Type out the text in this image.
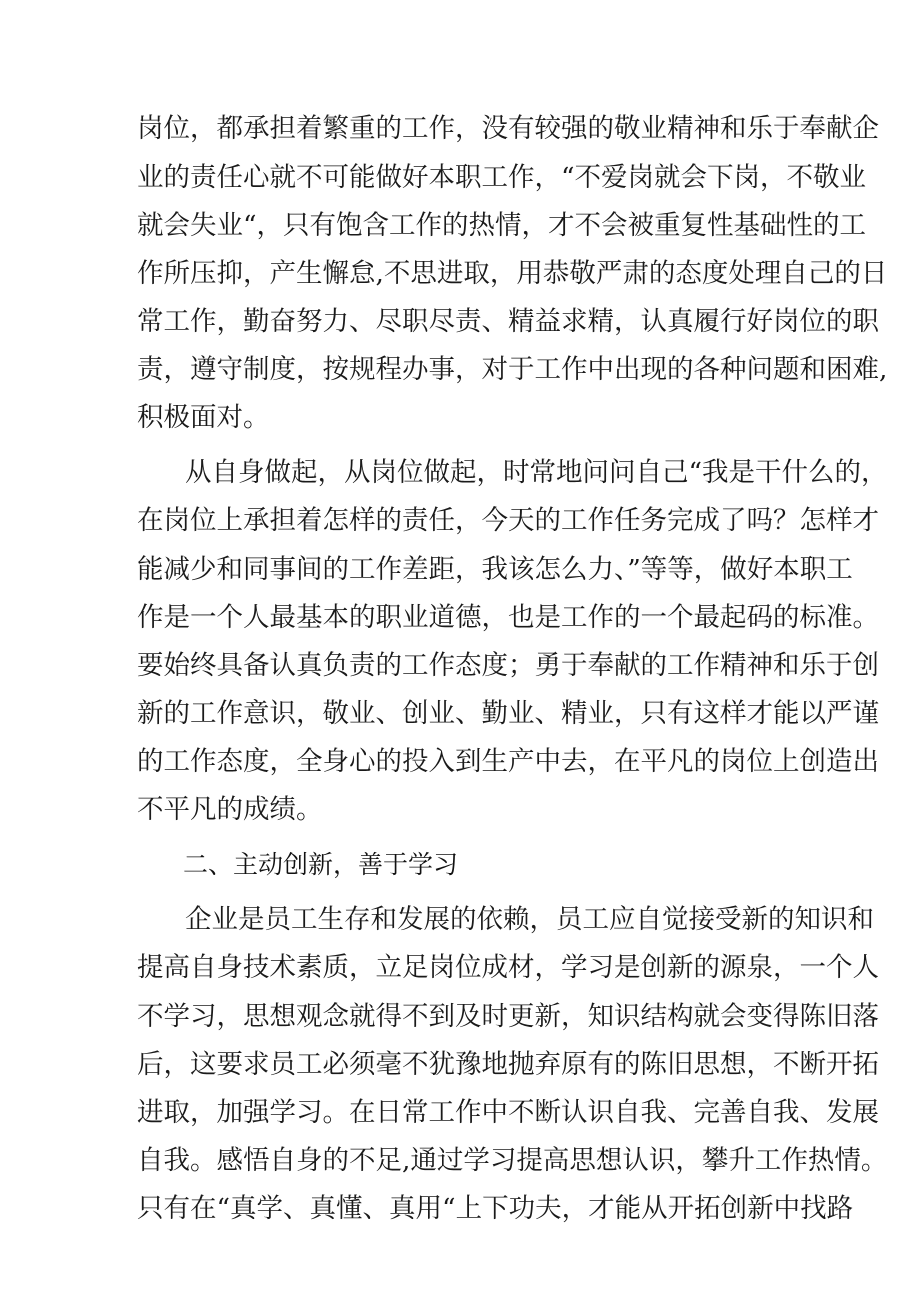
岗位，都承担着繁重的工作，没有较强的敬业精神和乐于奉献企
业的责任心就不可能做好本职工作，“不爱岗就会下岗，不敬业
就会失业“，只有饱含工作的热情，才不会被重复性基础性的工
作所压抑，产生懈怠,不思进取，用恭敬严肃的态度处理自己的日
常工作，勤奋努力、尽职尽责、精益求精，认真履行好岗位的职
责，遵守制度，按规程办事，对于工作中出现的各种问题和困难,
积极面对。
从自身做起，从岗位做起，时常地问问自己“我是干什么的，
在岗位上承担着怎样的责任，今天的工作任务完成了吗？怎样才
能减少和同事间的工作差距，我该怎么力、”等等，做好本职工
作是一个人最基本的职业道德，也是工作的一个最起码的标准。
要始终具备认真负责的工作态度；勇于奉献的工作精神和乐于创
新的工作意识，敬业、创业、勤业、精业，只有这样才能以严谨
的工作态度，全身心的投入到生产中去，在平凡的岗位上创造出
不平凡的成绩。
二、主动创新，善于学习
企业是员工生存和发展的依赖，员工应自觉接受新的知识和
提高自身技术素质，立足岗位成材，学习是创新的源泉，一个人
不学习，思想观念就得不到及时更新，知识结构就会变得陈旧落
后，这要求员工必须毫不犹豫地抛弃原有的陈旧思想，不断开拓
进取，加强学习。在日常工作中不断认识自我、完善自我、发展
自我。感悟自身的不足,通过学习提高思想认识，攀升工作热情。
只有在“真学、真懂、真用“上下功夫，才能从开拓创新中找路
